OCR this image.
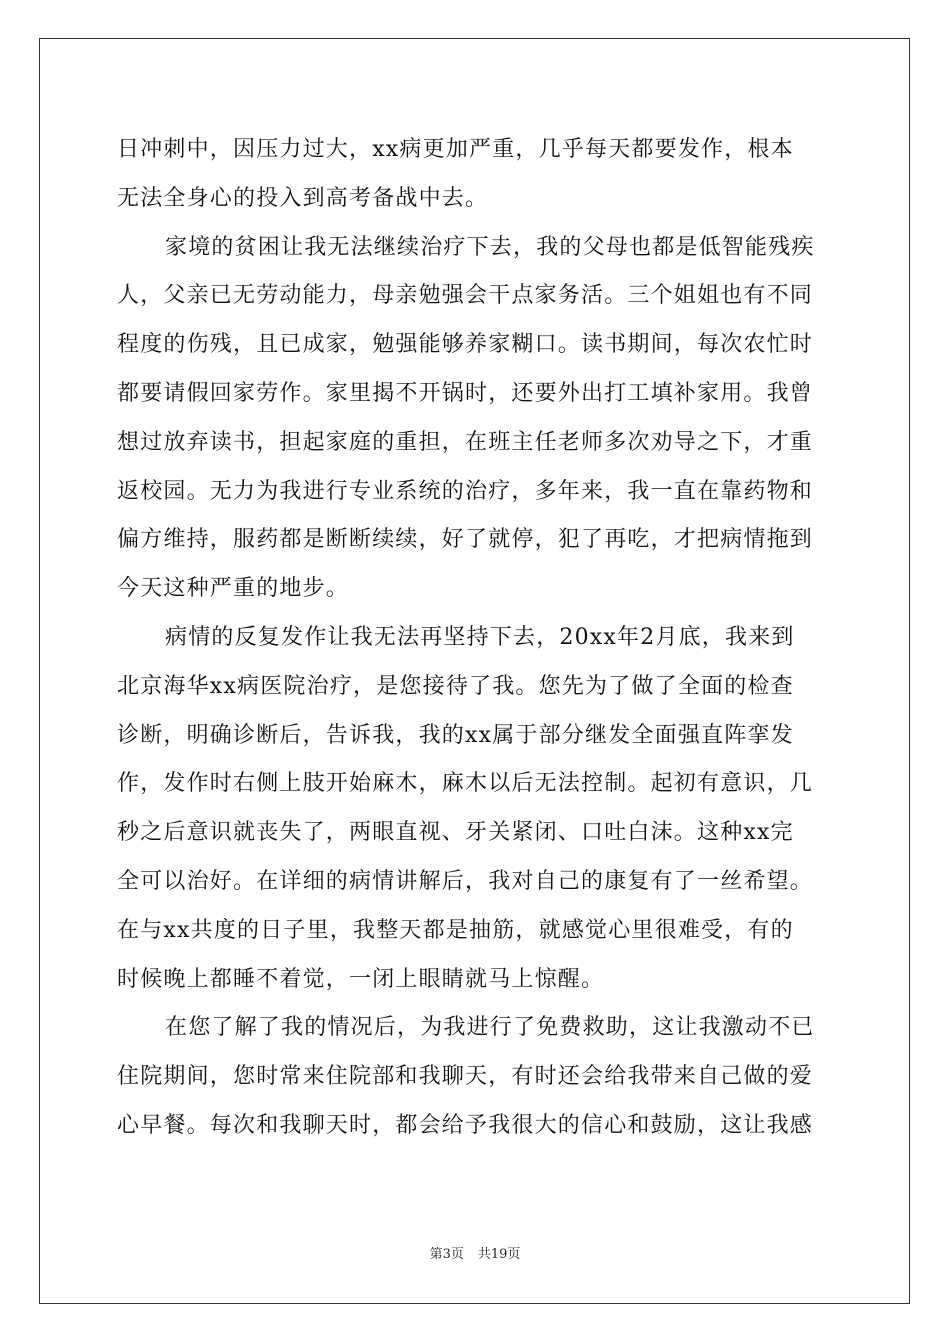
日冲刺中，因压力过大，xx病更加严重，几乎每天都要发作，根本
无法全身心的投入到高考备战中去。
家境的贫困让我无法继续治疗下去，我的父母也都是低智能残疾
人，父亲已无劳动能力，母亲勉强会干点家务活。三个姐姐也有不同
程度的伤残，且已成家，勉强能够养家糊口。读书期间，每次农忙时
都要请假回家劳作。家里揭不开锅时，还要外出打工填补家用。我曾
想过放弃读书，担起家庭的重担，在班主任老师多次劝导之下，才重
返校园。无力为我进行专业系统的治疗，多年来，我一直在靠药物和
偏方维持，服药都是断断续续，好了就停，犯了再吃，才把病情拖到
今天这种严重的地步。
病情的反复发作让我无法再坚持下去，20xx年2月底，我来到
北京海华xx病医院治疗，是您接待了我。您先为了做了全面的检查
诊断，明确诊断后，告诉我，我的xx属于部分继发全面强直阵挛发
作，发作时右侧上肢开始麻木，麻木以后无法控制。起初有意识，几
秒之后意识就丧失了，两眼直视、牙关紧闭、口吐白沫。这种xx完
全可以治好。在详细的病情讲解后，我对自己的康复有了一丝希望。
在与xx共度的日子里，我整天都是抽筋，就感觉心里很难受，有的
时候晚上都睡不着觉，一闭上眼睛就马上惊醒。
在您了解了我的情况后，为我进行了免费救助，这让我激动不已
住院期间，您时常来住院部和我聊天，有时还会给我带来自己做的爱
心早餐。每次和我聊天时，都会给予我很大的信心和鼓励，这让我感
第3页 共19页
